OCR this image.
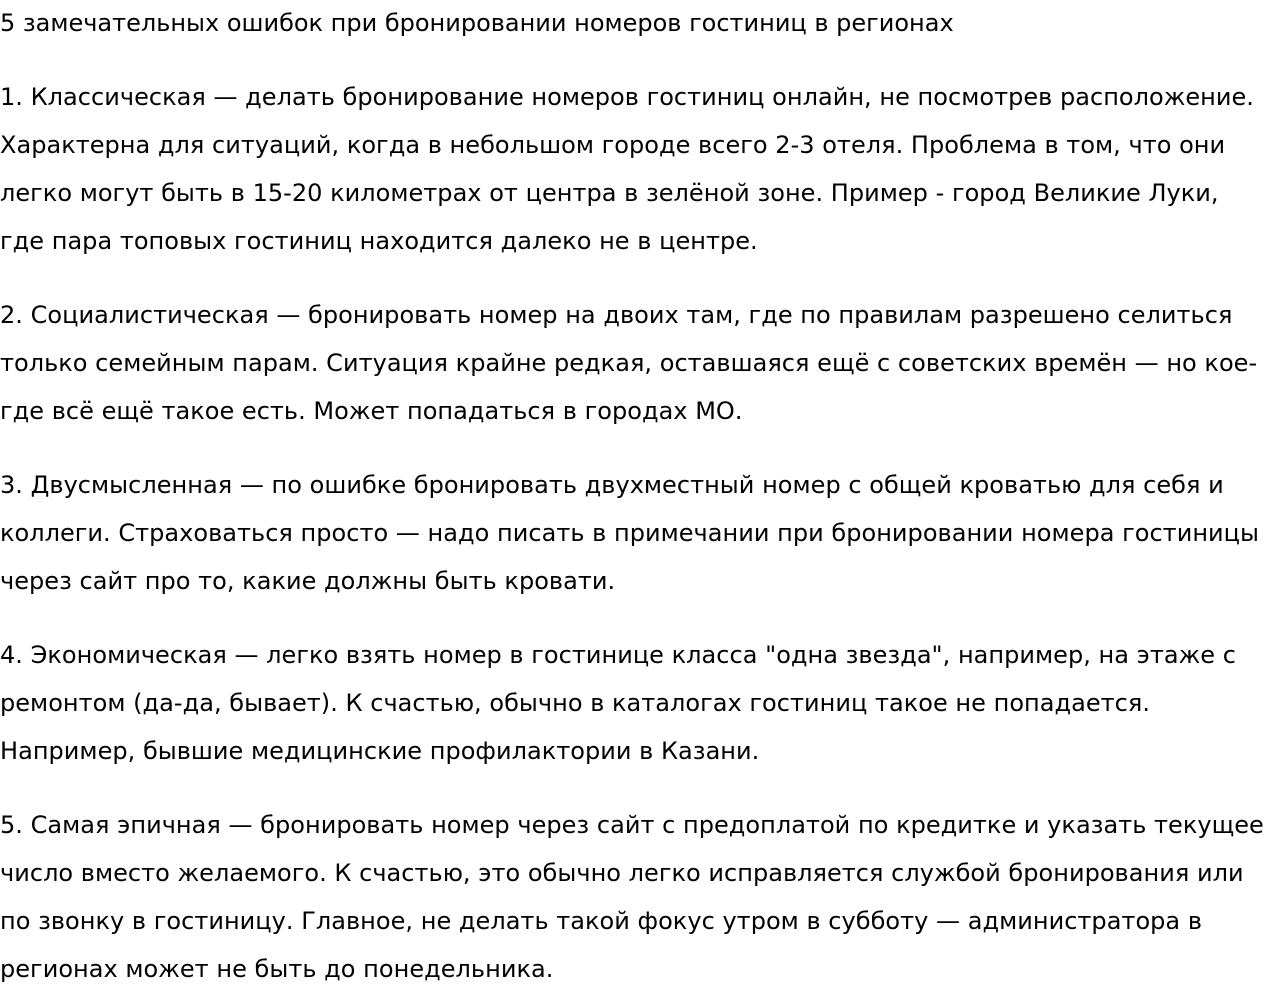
5 замечательных ошибок при бронировании номеров гостиниц в регионах

1. Классическая — делать бронирование номеров гостиниц онлайн, не посмотрев расположение. Характерна для ситуаций, когда в небольшом городе всего 2-3 отеля. Проблема в том, что они легко могут быть в 15-20 километрах от центра в зелёной зоне. Пример - город Великие Луки, где пара топовых гостиниц находится далеко не в центре.

2. Социалистическая — бронировать номер на двоих там, где по правилам разрешено селиться только семейным парам. Ситуация крайне редкая, оставшаяся ещё с советских времён — но кое-где всё ещё такое есть. Может попадаться в городах МО.

3. Двусмысленная — по ошибке бронировать двухместный номер с общей кроватью для себя и коллеги. Страховаться просто — надо писать в примечании при бронировании номера гостиницы через сайт про то, какие должны быть кровати.

4. Экономическая — легко взять номер в гостинице класса "одна звезда", например, на этаже с ремонтом (да-да, бывает). К счастью, обычно в каталогах гостиниц такое не попадается. Например, бывшие медицинские профилактории в Казани.

5. Самая эпичная — бронировать номер через сайт с предоплатой по кредитке и указать текущее число вместо желаемого. К счастью, это обычно легко исправляется службой бронирования или по звонку в гостиницу. Главное, не делать такой фокус утром в субботу — администратора в регионах может не быть до понедельника.
